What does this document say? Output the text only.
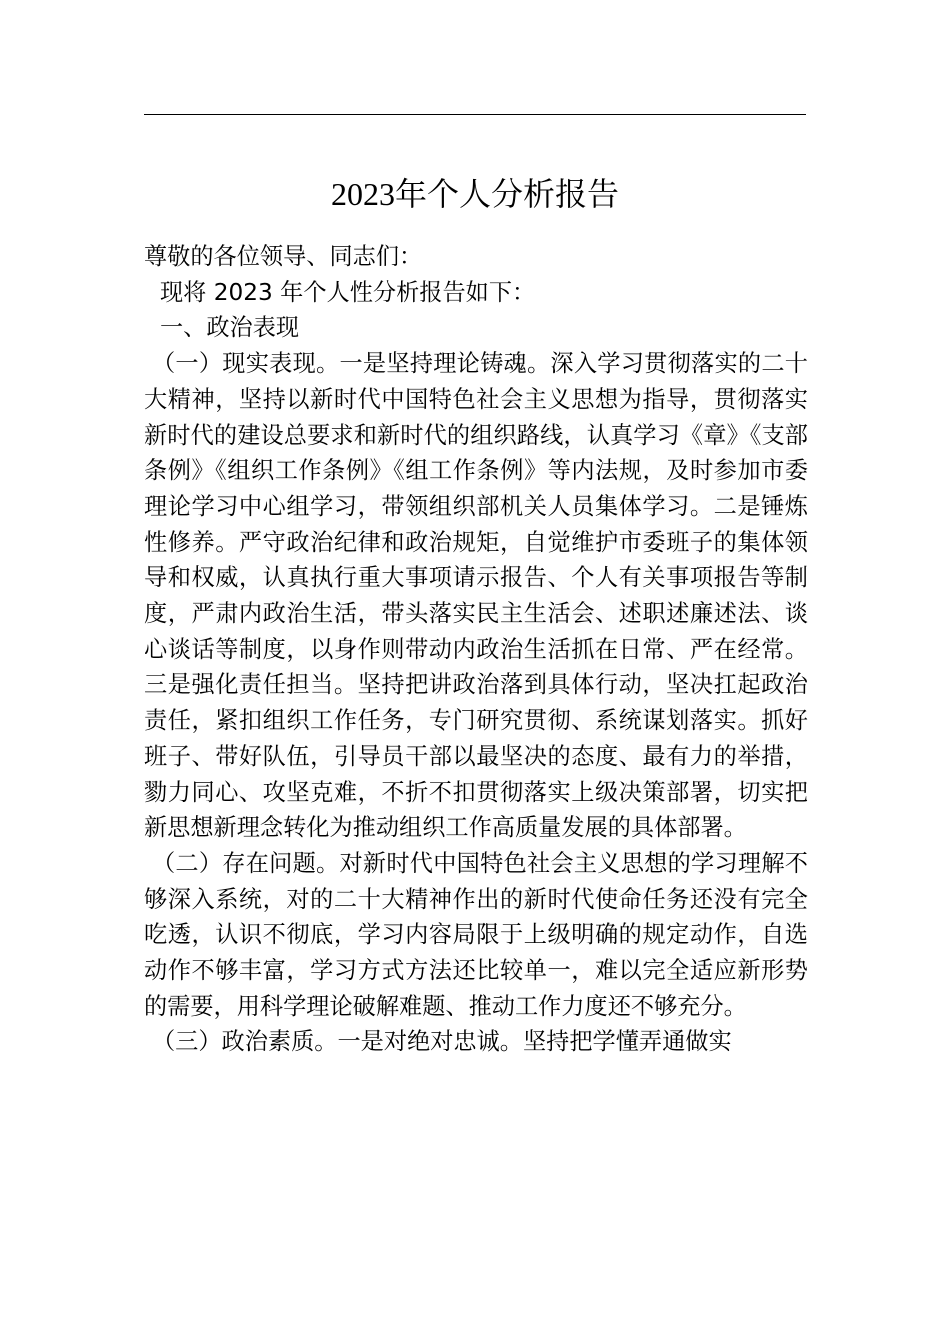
2023年个人分析报告

尊敬的各位领导、同志们：

现将 2023 年个人性分析报告如下：

一、政治表现

（一）现实表现。一是坚持理论铸魂。深入学习贯彻落实的二十大精神，坚持以新时代中国特色社会主义思想为指导，贯彻落实新时代的建设总要求和新时代的组织路线，认真学习《章》《支部条例》《组织工作条例》《组工作条例》等内法规，及时参加市委理论学习中心组学习，带领组织部机关人员集体学习。二是锤炼性修养。严守政治纪律和政治规矩，自觉维护市委班子的集体领导和权威，认真执行重大事项请示报告、个人有关事项报告等制度，严肃内政治生活，带头落实民主生活会、述职述廉述法、谈心谈话等制度，以身作则带动内政治生活抓在日常、严在经常。三是强化责任担当。坚持把讲政治落到具体行动，坚决扛起政治责任，紧扣组织工作任务，专门研究贯彻、系统谋划落实。抓好班子、带好队伍，引导员干部以最坚决的态度、最有力的举措，勠力同心、攻坚克难，不折不扣贯彻落实上级决策部署，切实把新思想新理念转化为推动组织工作高质量发展的具体部署。

（二）存在问题。对新时代中国特色社会主义思想的学习理解不够深入系统，对的二十大精神作出的新时代使命任务还没有完全吃透，认识不彻底，学习内容局限于上级明确的规定动作，自选动作不够丰富，学习方式方法还比较单一，难以完全适应新形势的需要，用科学理论破解难题、推动工作力度还不够充分。

（三）政治素质。一是对绝对忠诚。坚持把学懂弄通做实
